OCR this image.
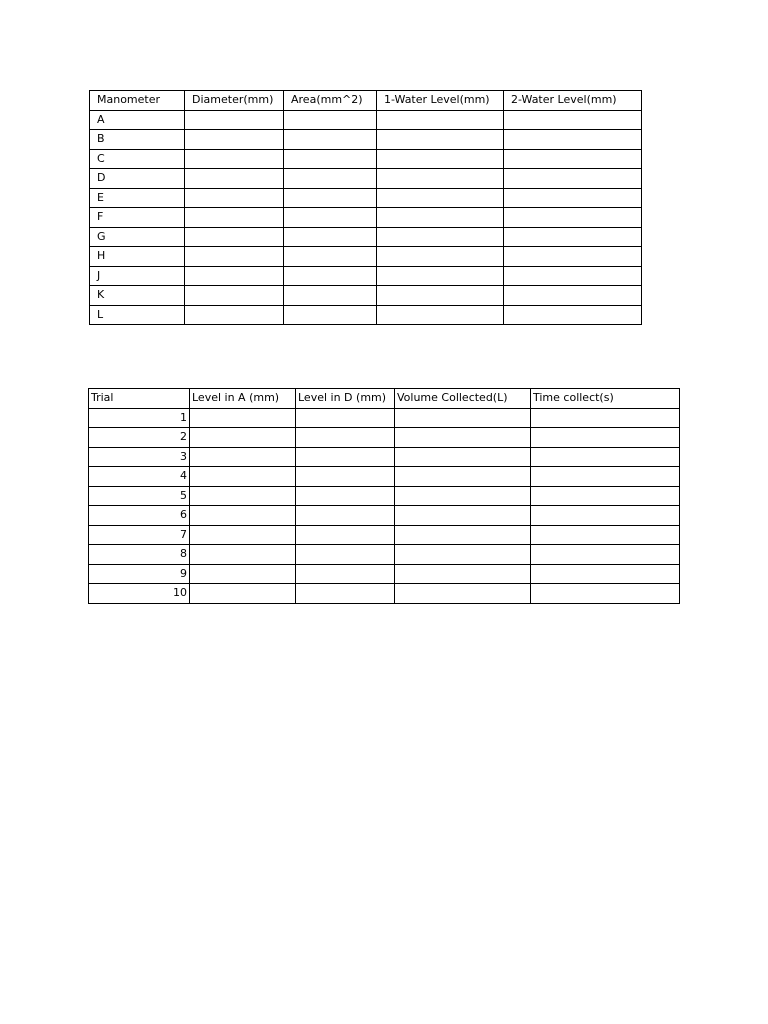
Manometer	Diameter(mm)	Area(mm^2)	1-Water Level(mm)	2-Water Level(mm)
A				
B				
C				
D				
E				
F				
G				
H				
J				
K				
L				
Trial	Level in A (mm)	Level in D (mm)	Volume Collected(L)	Time collect(s)
1				
2				
3				
4				
5				
6				
7				
8				
9				
10				
